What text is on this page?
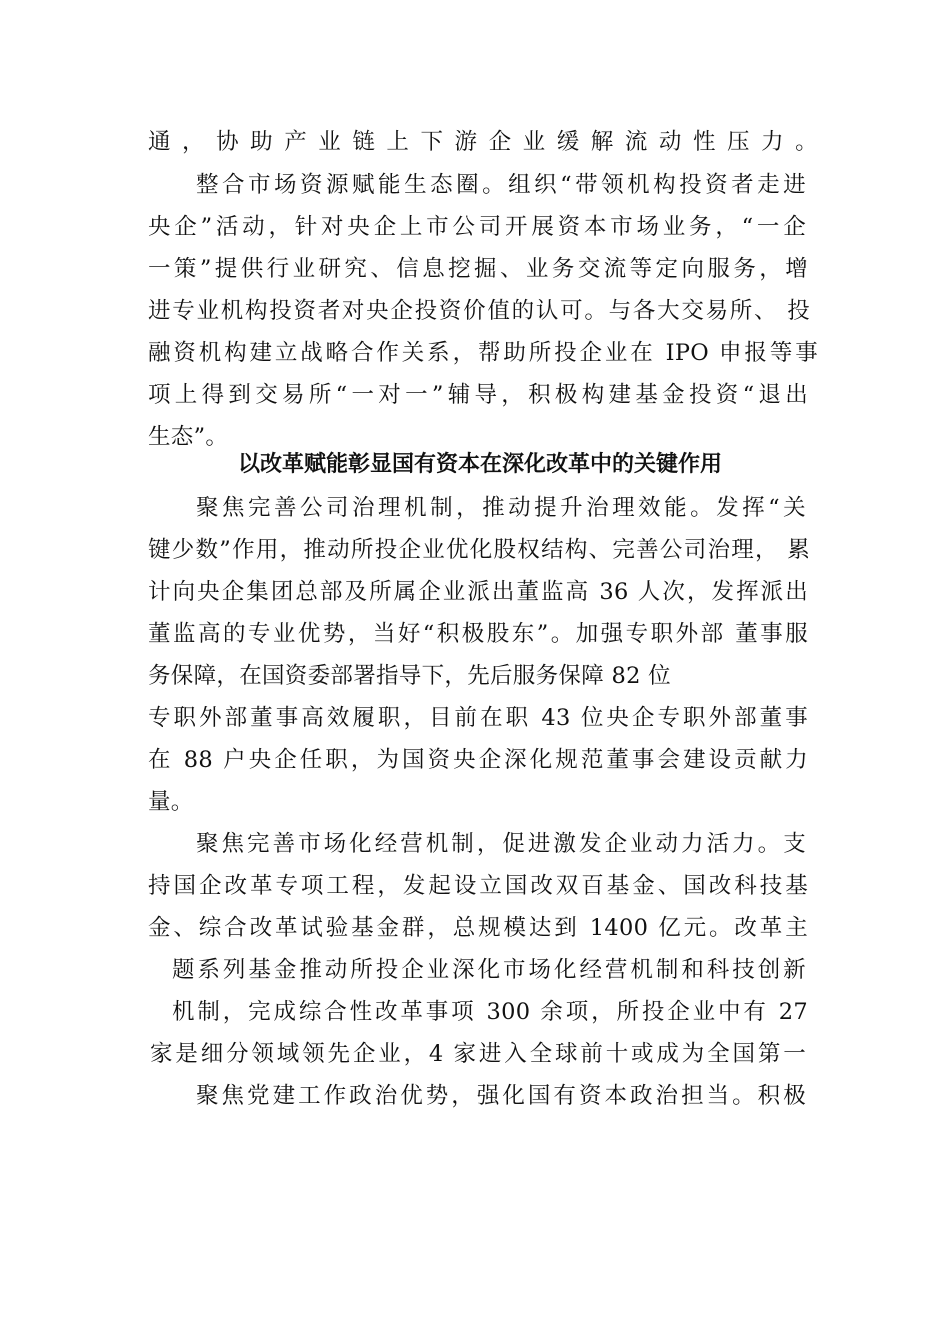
通，协助产业链上下游企业缓解流动性压力。
整合市场资源赋能生态圈。组织“带领机构投资者走进
央企”活动，针对央企上市公司开展资本市场业务，“一企
一策”提供行业研究、信息挖掘、业务交流等定向服务，增
进专业机构投资者对央企投资价值的认可。与各大交易所、 投
融资机构建立战略合作关系，帮助所投企业在 IPO 申报等事
项上得到交易所“一对一”辅导，积极构建基金投资“退出
生态”。
以改革赋能彰显国有资本在深化改革中的关键作用
聚焦完善公司治理机制，推动提升治理效能。发挥“关
键少数”作用，推动所投企业优化股权结构、完善公司治理， 累
计向央企集团总部及所属企业派出董监高 36 人次，发挥派出
董监高的专业优势，当好“积极股东”。加强专职外部 董事服
务保障，在国资委部署指导下，先后服务保障 82 位
专职外部董事高效履职，目前在职 43 位央企专职外部董事
在 88 户央企任职，为国资央企深化规范董事会建设贡献力
量。
聚焦完善市场化经营机制，促进激发企业动力活力。支
持国企改革专项工程，发起设立国改双百基金、国改科技基
金、综合改革试验基金群，总规模达到 1400 亿元。改革主
题系列基金推动所投企业深化市场化经营机制和科技创新
机制，完成综合性改革事项 300 余项，所投企业中有 27
家是细分领域领先企业，4 家进入全球前十或成为全国第一
聚焦党建工作政治优势，强化国有资本政治担当。积极
